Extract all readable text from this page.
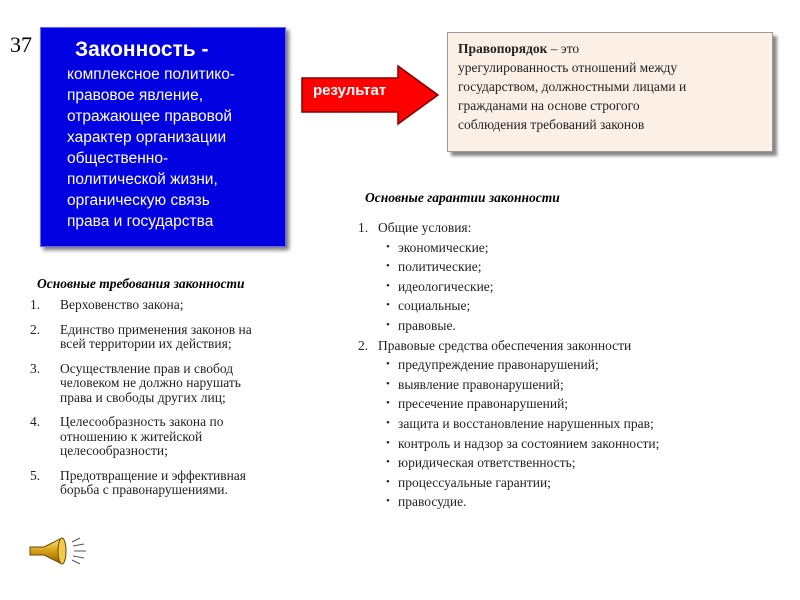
37 Законность -
комплексное политико-
правовое явление,
отражающее правовой
характер организации
общественно-
политической жизни,
органическую связь
права и государства
результат
Правопорядок – это
урегулированность отношений между
государством, должностными лицами и
гражданами на основе строгого
соблюдения требований законов
Основные гарантии законности
1. Общие условия:
• экономические;
• политические;
• идеологические;
• социальные;
• правовые.
2. Правовые средства обеспечения законности
• предупреждение правонарушений;
• выявление правонарушений;
• пресечение правонарушений;
• защита и восстановление нарушенных прав;
• контроль и надзор за состоянием законности;
• юридическая ответственность;
• процессуальные гарантии;
• правосудие.
Основные требования законности
1. Верховенство закона;
2. Единство применения законов на
всей территории их действия;
3. Осуществление прав и свобод
человеком не должно нарушать
права и свободы других лиц;
4. Целесообразность закона по
отношению к житейской
целесообразности;
5. Предотвращение и эффективная
борьба с правонарушениями.
